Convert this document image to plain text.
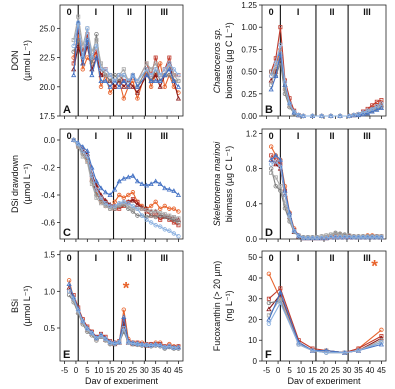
0	I	II	III
17.5
20.0
22.5
25.0
DON (µmol L⁻¹)
A
0	I	II	III
0.00
0.25
0.50
0.75
1.00
1.25
Chaetoceros sp. biomass (µg C L⁻¹)
B
0	I	II	III
-0.6
-0.4
-0.2
0.0
DSi drawdown (µmol L⁻¹)
C
0	I	II	III
0.0
0.4
0.8
1.2
Skeletonema marinoi biomass (µg C L⁻¹)
D
0	I	II	III
0.5
1.0
1.5
-5 0 5 10 15 20 25 30 35 40 45
Day of experiment
BSi (µmol L⁻¹)
E
*
0	I	II	III
0
10
20
30
40
50
-5 0 5 10 15 20 25 30 35 40 45
Day of experiment
Fucoxanthin (> 20 µm) (ng L⁻¹)
F
*
